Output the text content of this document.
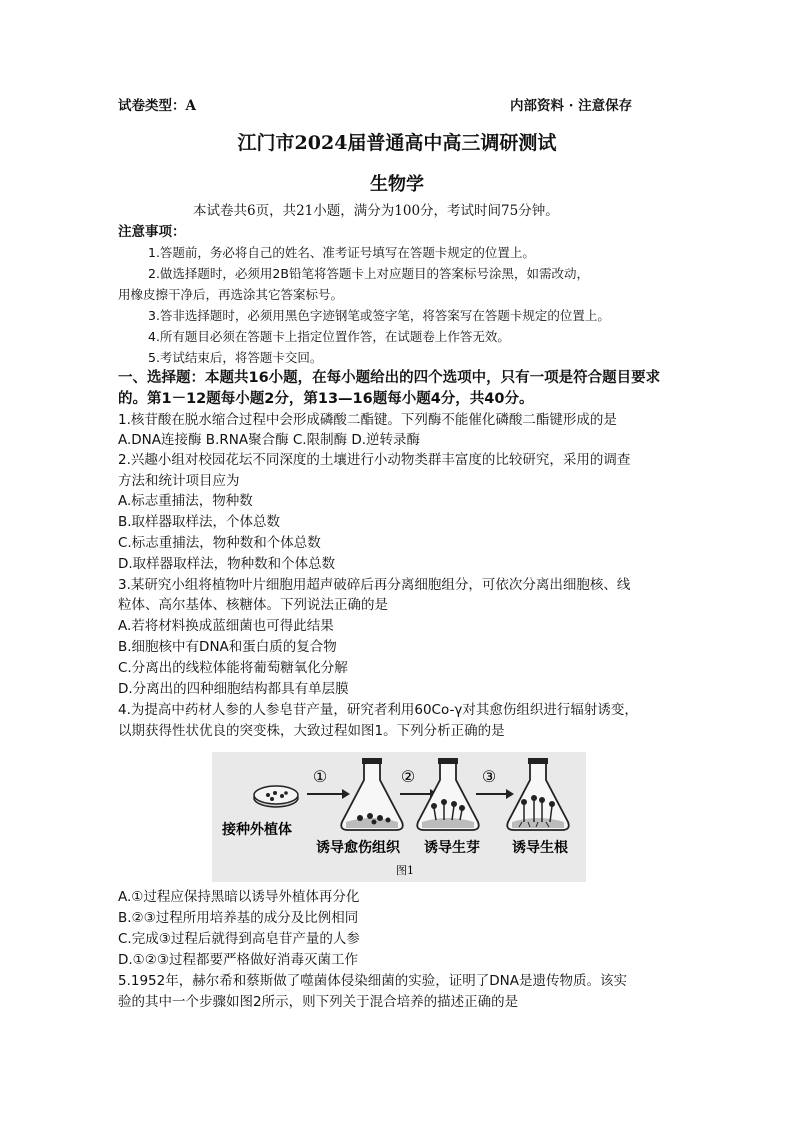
试卷类型：A	内部资料 · 注意保存
江门市2024届普通高中高三调研测试
生物学
本试卷共6页，共21小题，满分为100分，考试时间75分钟。
注意事项：
1.答题前，务必将自己的姓名、准考证号填写在答题卡规定的位置上。
2.做选择题时，必须用2B铅笔将答题卡上对应题目的答案标号涂黑，如需改动，
用橡皮擦干净后，再选涂其它答案标号。
3.答非选择题时，必须用黑色字迹钢笔或签字笔，将答案写在答题卡规定的位置上。
4.所有题目必须在答题卡上指定位置作答，在试题卷上作答无效。
5.考试结束后，将答题卡交回。
一、选择题：本题共16小题，在每小题给出的四个选项中，只有一项是符合题目要求
的。第1－12题每小题2分，第13—16题每小题4分，共40分。
1.核苷酸在脱水缩合过程中会形成磷酸二酯键。下列酶不能催化磷酸二酯键形成的是
A.DNA连接酶 B.RNA聚合酶 C.限制酶 D.逆转录酶
2.兴趣小组对校园花坛不同深度的土壤进行小动物类群丰富度的比较研究，采用的调查
方法和统计项目应为
A.标志重捕法，物种数
B.取样器取样法，个体总数
C.标志重捕法，物种数和个体总数
D.取样器取样法，物种数和个体总数
3.某研究小组将植物叶片细胞用超声破碎后再分离细胞组分，可依次分离出细胞核、线
粒体、高尔基体、核糖体。下列说法正确的是
A.若将材料换成蓝细菌也可得此结果
B.细胞核中有DNA和蛋白质的复合物
C.分离出的线粒体能将葡萄糖氧化分解
D.分离出的四种细胞结构都具有单层膜
4.为提高中药材人参的人参皂苷产量，研究者利用60Co-γ对其愈伤组织进行辐射诱变，
以期获得性状优良的突变株，大致过程如图1。下列分析正确的是
①	②	③
接种外植体
诱导愈伤组织 诱导生芽 诱导生根
图1
A.①过程应保持黑暗以诱导外植体再分化
B.②③过程所用培养基的成分及比例相同
C.完成③过程后就得到高皂苷产量的人参
D.①②③过程都要严格做好消毒灭菌工作
5.1952年，赫尔希和蔡斯做了噬菌体侵染细菌的实验，证明了DNA是遗传物质。该实
验的其中一个步骤如图2所示，则下列关于混合培养的描述正确的是
